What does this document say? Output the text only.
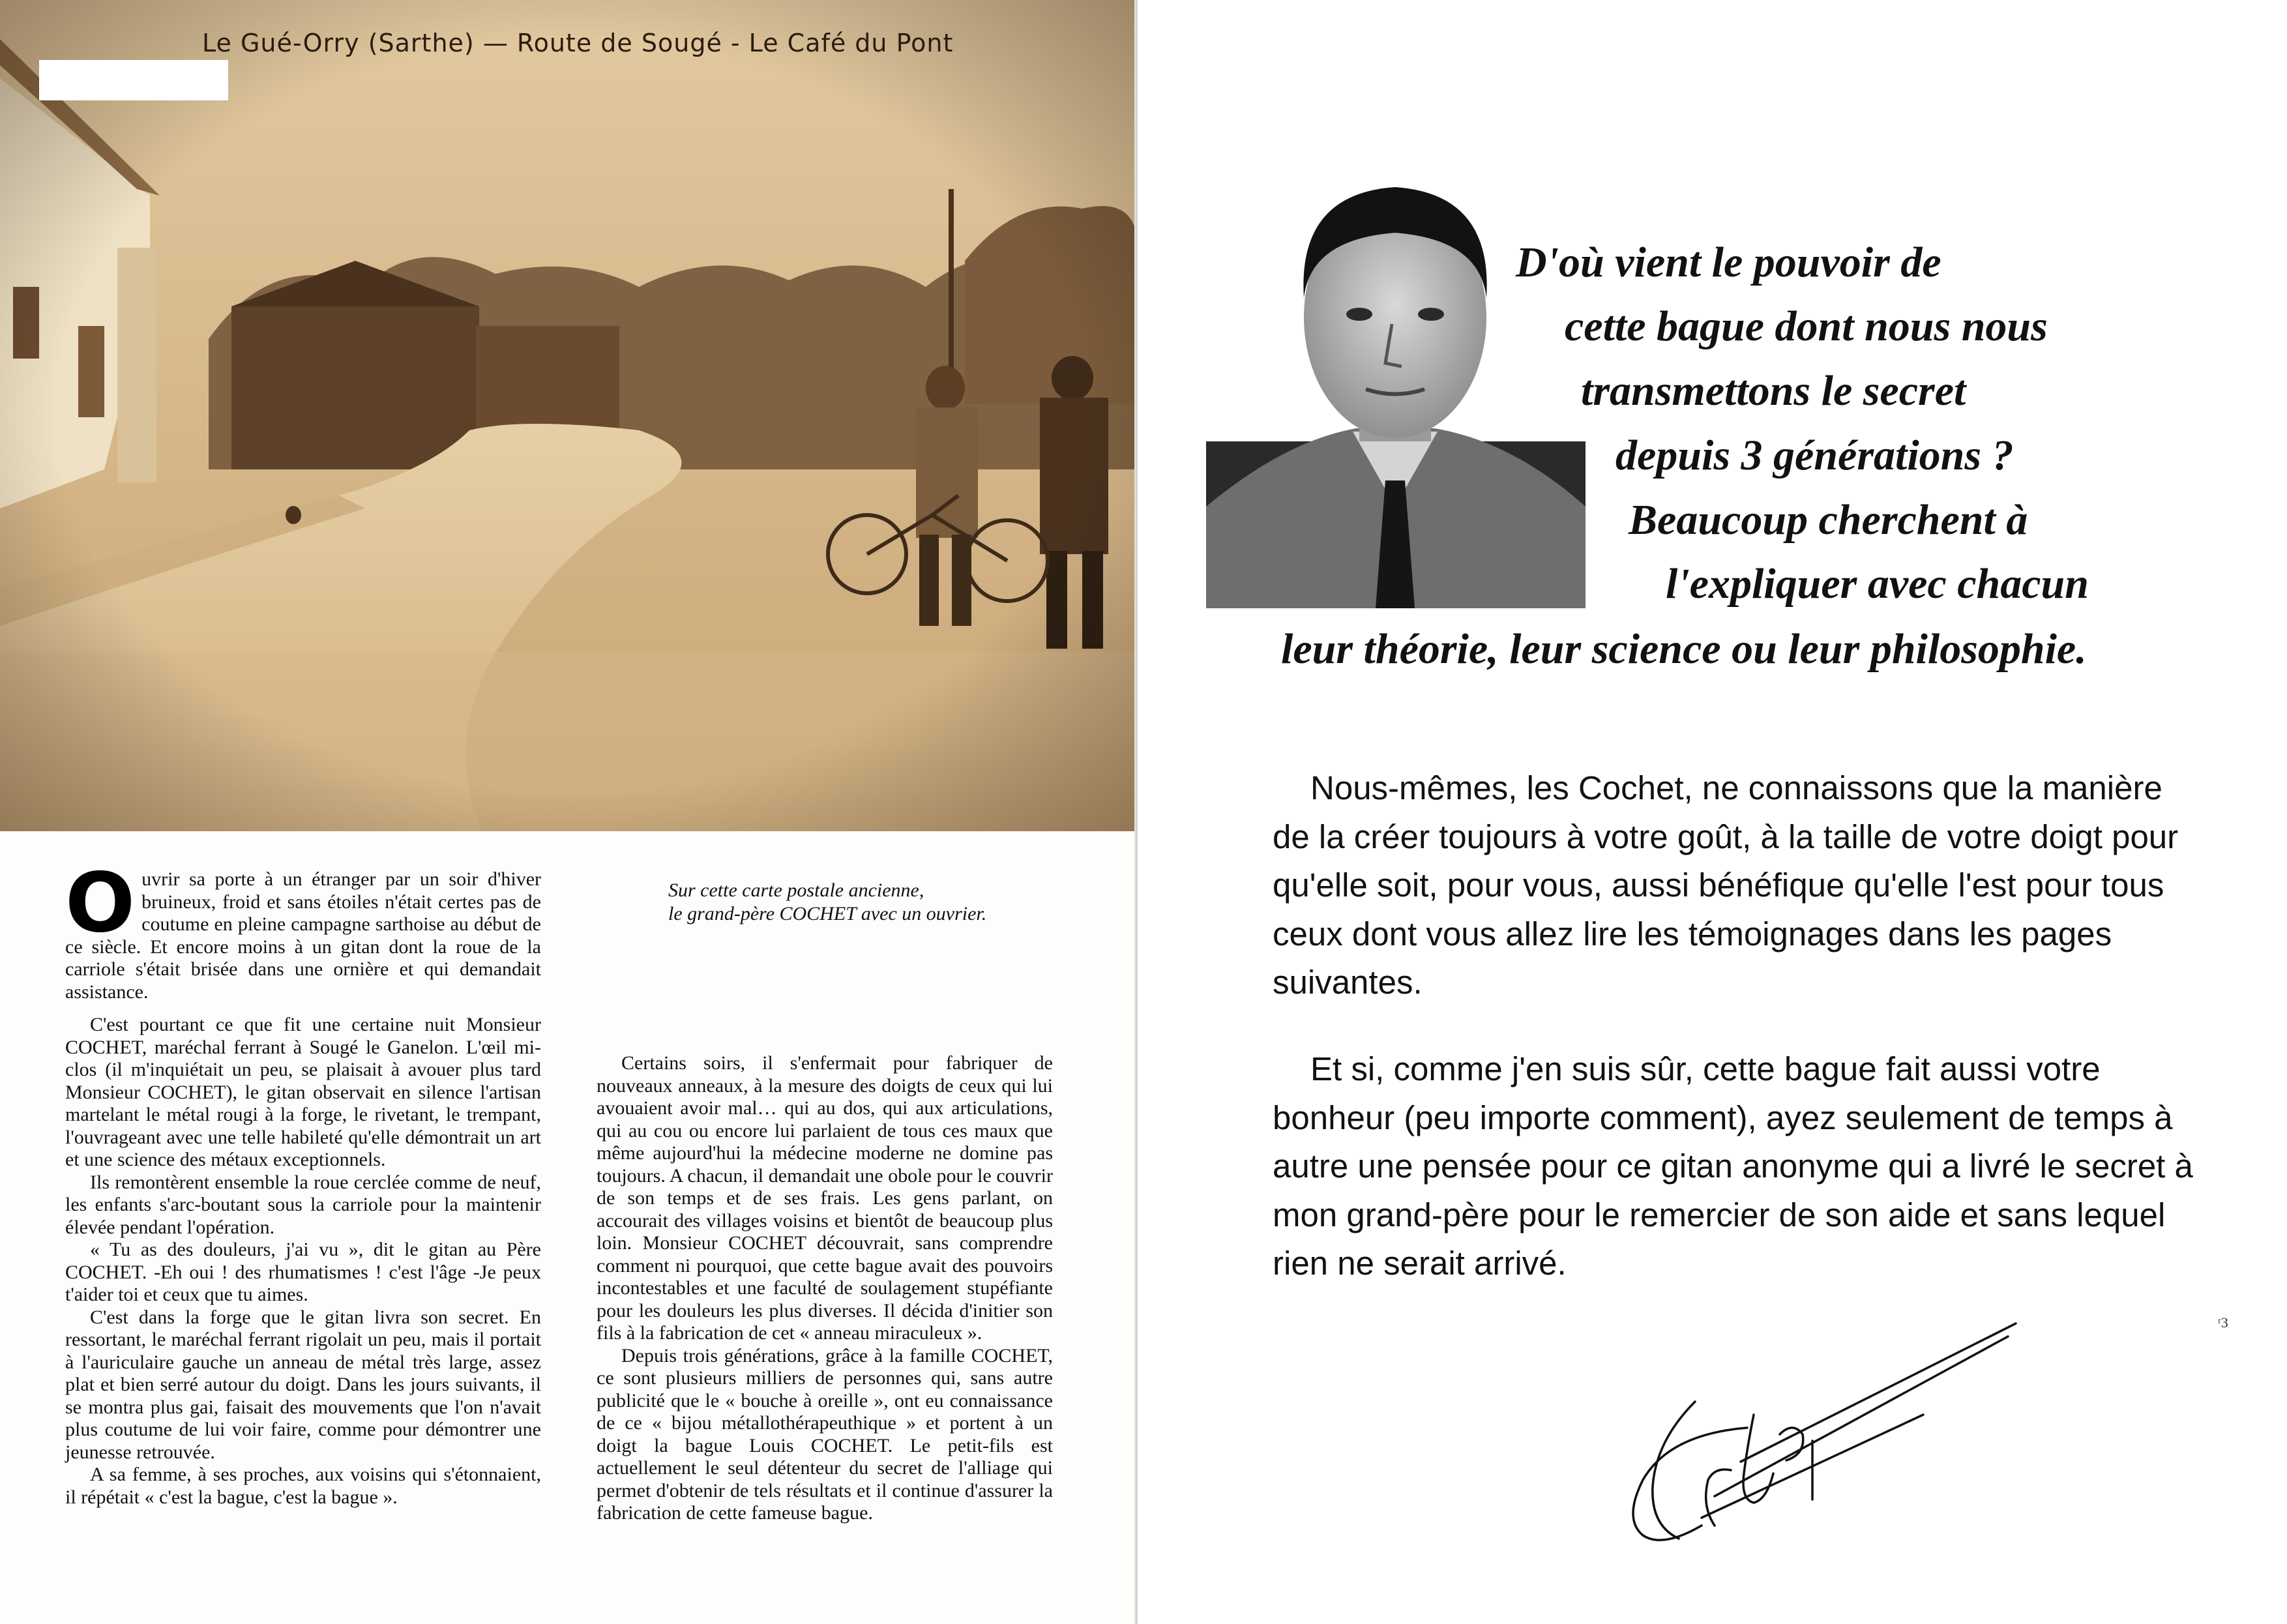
Le Gué-Orry (Sarthe) — Route de Sougé - Le Café du Pont
Sur cette carte postale ancienne,
le grand-père COCHET avec un ouvrier.

Ouvrir sa porte à un étranger par un soir d'hiver bruineux, froid et sans étoiles n'était certes pas de coutume en pleine campagne sarthoise au début de ce siècle. Et encore moins à un gitan dont la roue de la carriole s'était brisée dans une ornière et qui demandait assistance.

C'est pourtant ce que fit une certaine nuit Monsieur COCHET, maréchal ferrant à Sougé le Ganelon. L'œil mi-clos (il m'inquiétait un peu, se plaisait à avouer plus tard Monsieur COCHET), le gitan observait en silence l'artisan martelant le métal rougi à la forge, le rivetant, le trempant, l'ouvrageant avec une telle habileté qu'elle démontrait un art et une science des métaux exceptionnels.

Ils remontèrent ensemble la roue cerclée comme de neuf, les enfants s'arc-boutant sous la carriole pour la maintenir élevée pendant l'opération.

« Tu as des douleurs, j'ai vu », dit le gitan au Père COCHET. -Eh oui ! des rhumatismes ! c'est l'âge -Je peux t'aider toi et ceux que tu aimes.

C'est dans la forge que le gitan livra son secret. En ressortant, le maréchal ferrant rigolait un peu, mais il portait à l'auriculaire gauche un anneau de métal très large, assez plat et bien serré autour du doigt. Dans les jours suivants, il se montra plus gai, faisait des mouvements que l'on n'avait plus coutume de lui voir faire, comme pour démontrer une jeunesse retrouvée.

A sa femme, à ses proches, aux voisins qui s'étonnaient, il répétait « c'est la bague, c'est la bague ».

Certains soirs, il s'enfermait pour fabriquer de nouveaux anneaux, à la mesure des doigts de ceux qui lui avouaient avoir mal… qui au dos, qui aux articulations, qui au cou ou encore lui parlaient de tous ces maux que même aujourd'hui la médecine moderne ne domine pas toujours. A chacun, il demandait une obole pour le couvrir de son temps et de ses frais. Les gens parlant, on accourait des villages voisins et bientôt de beaucoup plus loin. Monsieur COCHET découvrait, sans comprendre comment ni pourquoi, que cette bague avait des pouvoirs incontestables et une faculté de soulagement stupéfiante pour les douleurs les plus diverses. Il décida d'initier son fils à la fabrication de cet « anneau miraculeux ».

Depuis trois générations, grâce à la famille COCHET, ce sont plusieurs milliers de personnes qui, sans autre publicité que le « bouche à oreille », ont eu connaissance de ce « bijou métallothérapeuthique » et portent à un doigt la bague Louis COCHET. Le petit-fils est actuellement le seul détenteur du secret de l'alliage qui permet d'obtenir de tels résultats et il continue d'assurer la fabrication de cette fameuse bague.

D'où vient le pouvoir de
cette bague dont nous nous
transmettons le secret
depuis 3 générations ?
Beaucoup cherchent à
l'expliquer avec chacun
leur théorie, leur science ou leur philosophie.

Nous-mêmes, les Cochet, ne connaissons que la manière de la créer toujours à votre goût, à la taille de votre doigt pour qu'elle soit, pour vous, aussi bénéfique qu'elle l'est pour tous ceux dont vous allez lire les témoignages dans les pages suivantes.

Et si, comme j'en suis sûr, cette bague fait aussi votre bonheur (peu importe comment), ayez seulement de temps à autre une pensée pour ce gitan anonyme qui a livré le secret à mon grand-père pour le remercier de son aide et sans lequel rien ne serait arrivé.

ʳ3
